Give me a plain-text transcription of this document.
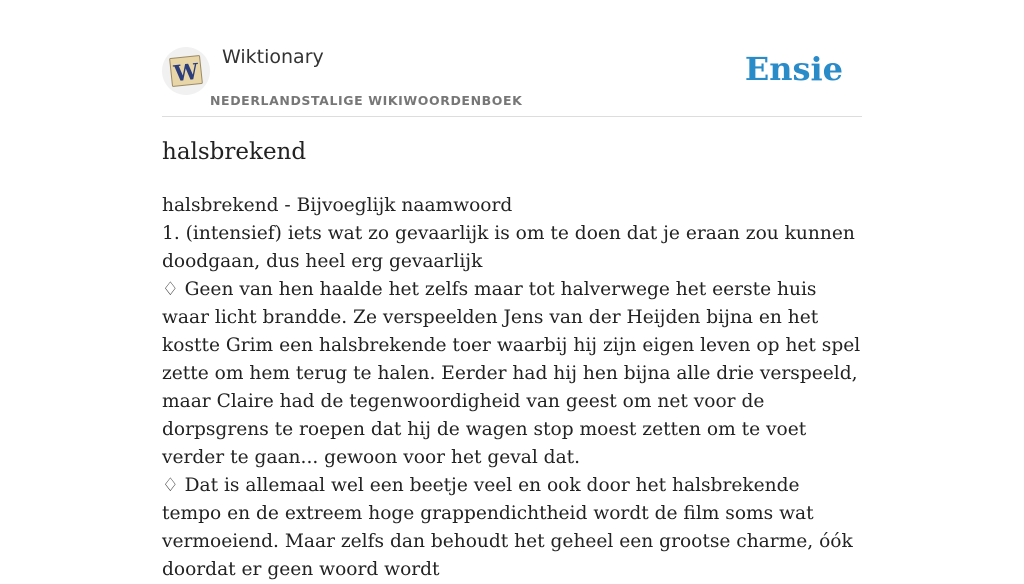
W
Wiktionary
NEDERLANDSTALIGE WIKIWOORDENBOEK
Ensie
halsbrekend

halsbrekend - Bijvoeglijk naamwoord

1. (intensief) iets wat zo gevaarlijk is om te doen dat je eraan zou kunnen doodgaan, dus heel erg gevaarlijk

♢ Geen van hen haalde het zelfs maar tot halverwege het eerste huis waar licht brandde. Ze verspeelden Jens van der Heijden bijna en het kostte Grim een halsbrekende toer waarbij hij zijn eigen leven op het spel zette om hem terug te halen. Eerder had hij hen bijna alle drie verspeeld, maar Claire had de tegenwoordigheid van geest om net voor de dorpsgrens te roepen dat hij de wagen stop moest zetten om te voet verder te gaan... gewoon voor het geval dat.

♢ Dat is allemaal wel een beetje veel en ook door het halsbrekende tempo en de extreem hoge grappendichtheid wordt de film soms wat vermoeiend. Maar zelfs dan behoudt het geheel een grootse charme, óók doordat er geen woord wordt
